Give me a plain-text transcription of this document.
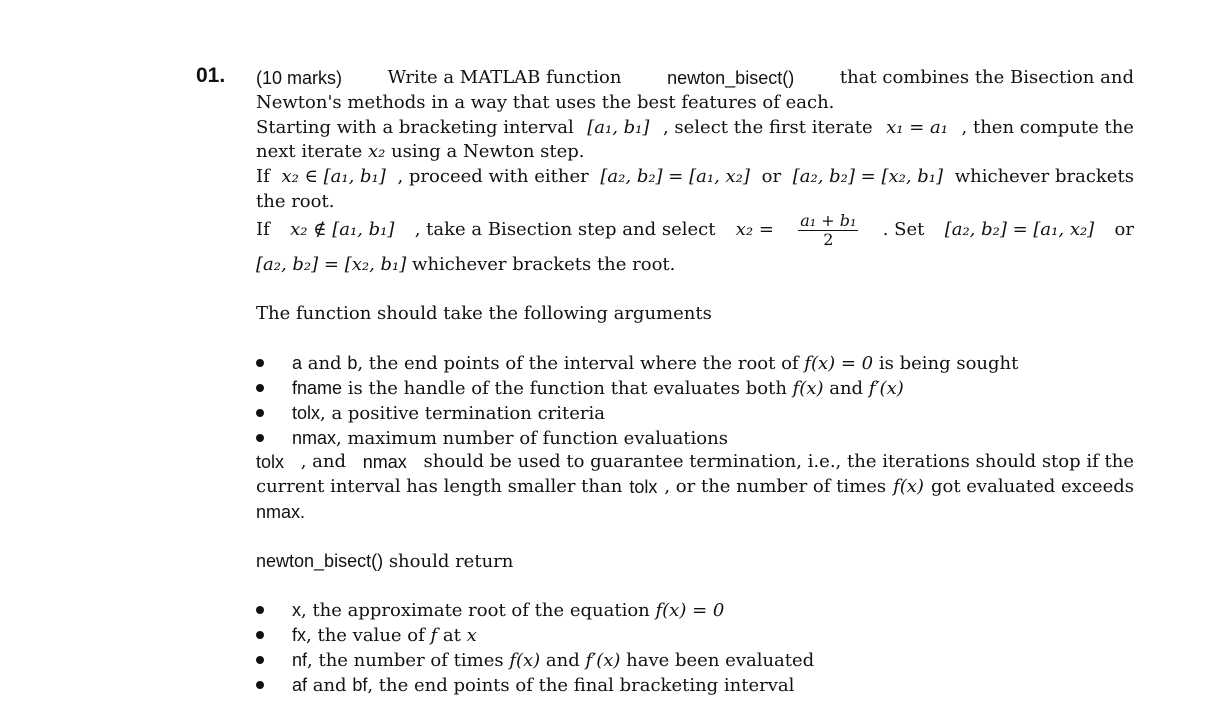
01. (10 marks)	Write a MATLAB function	newton_bisect()	that combines the Bisection and
Newton's methods in a way that uses the best features of each.
Starting with a bracketing interval [a₁, b₁] , select the first iterate x₁ = a₁ , then compute the
next iterate x₂ using a Newton step.
If x₂ ∈ [a₁, b₁] , proceed with either [a₂, b₂] = [a₁, x₂] or [a₂, b₂] = [x₂, b₁] whichever brackets
the root.
If x₂ ∉ [a₁, b₁] , take a Bisection step and select $x_2 = \frac{\text{a₁ + b₁}}{2}$ . Set [a₂, b₂] = [a₁, x₂] or
[a₂, b₂] = [x₂, b₁] whichever brackets the root.
The function should take the following arguments
a and b, the end points of the interval where the root of f(x) = 0 is being sought
fname is the handle of the function that evaluates both f(x) and f′(x)
tolx, a positive termination criteria
nmax, maximum number of function evaluations
tolx , and nmax should be used to guarantee termination, i.e., the iterations should stop if the
current interval has length smaller than tolx , or the number of times f(x) got evaluated exceeds
nmax.
newton_bisect() should return
x, the approximate root of the equation f(x) = 0
fx, the value of f at x
nf, the number of times f(x) and f′(x) have been evaluated
af and bf, the end points of the final bracketing interval
